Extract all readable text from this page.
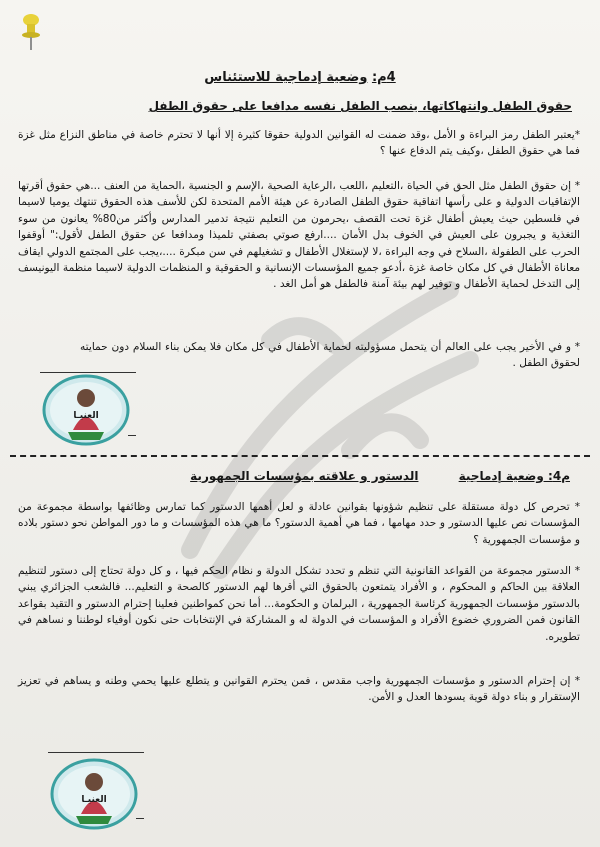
4م: وضعية إدماجية للاستئناس
حقوق الطفل وانتهاكاتها، ينصب الطفل نفسه مدافعا على حقوق الطفل
*يعتبر الطفل رمز البراءة و الأمل ،وقد ضمنت له القوانين الدولية حقوقا كثيرة إلا أنها لا تحترم خاصة في مناطق النزاع مثل غزة فما هي حقوق الطفل ،وكيف يتم الدفاع عنها ؟
* إن حقوق الطفل مثل الحق في الحياة ،التعليم ،اللعب ،الرعاية الصحية ،الإسم و الجنسية ،الحماية من العنف ...هي حقوق أقرتها الإتفاقيات الدولية و على رأسها اتفاقية حقوق الطفل الصادرة عن هيئة الأمم المتحدة لكن للأسف هذه الحقوق تنتهك يوميا لاسيما في فلسطين حيث يعيش أطفال غزة تحت القصف ،يحرمون من التعليم نتيجة تدمير المدارس وأكثر من80% يعانون من سوء التغذية و يجبرون على العيش في الخوف بدل الأمان ....ارفع صوتي بصفتي تلميذا ومدافعا عن حقوق الطفل لأقول:" أوقفوا الحرب على الطفولة ،السلاح في وجه البراءة ،لا لإستغلال الأطفال و تشغيلهم في سن مبكرة ....،يجب على المجتمع الدولي ايقاف معاناة الأطفال في كل مكان خاصة غزة ،أدعو جميع المؤسسات الإنسانية و الحقوقية و المنظمات الدولية لاسيما منظمة اليونيسف إلى التدخل لحماية الأطفال و توفير لهم بيئة آمنة فالطفل هو أمل الغد .
* و في الأخير يجب على العالم أن يتحمل مسؤوليته لحماية الأطفال في كل مكان فلا يمكن بناء السلام دون حمايته لحقوق الطفل .
العنيـا
م4: وضعية إدماجية الدستور و علاقته بمؤسسات الجمهورية
* تحرص كل دولة مستقلة على تنظيم شؤونها بقوانين عادلة و لعل أهمها الدستور كما تمارس وظائفها بواسطة مجموعة من المؤسسات نص عليها الدستور و حدد مهامها ، فما هي أهمية الدستور؟ ما هي هذه المؤسسات و ما دور المواطن نحو دستور بلاده و مؤسسات الجمهورية ؟
* الدستور مجموعة من القواعد القانونية التي تنظم و تحدد تشكل الدولة و نظام الحكم فيها ، و كل دولة تحتاج إلى دستور لتنظيم العلاقة بين الحاكم و المحكوم ، و الأفراد يتمتعون بالحقوق التي أقرها لهم الدستور كالصحة و التعليم... فالشعب الجزائري يبني بالدستور مؤسسات الجمهورية كرئاسة الجمهورية ، البرلمان و الحكومة... أما نحن كمواطنين فعلينا إحترام الدستور و التقيد بقواعد القانون فمن الضروري خضوع الأفراد و المؤسسات في الدولة له و المشاركة في الإنتخابات حتى نكون أوفياء لوطننا و نساهم في تطويره.
* إن إحترام الدستور و مؤسسات الجمهورية واجب مقدس ، فمن يحترم القوانين و يتطلع عليها يحمي وطنه و يساهم في تعزيز الإستقرار و بناء دولة قوية يسودها العدل و الأمن.
العنيـا
